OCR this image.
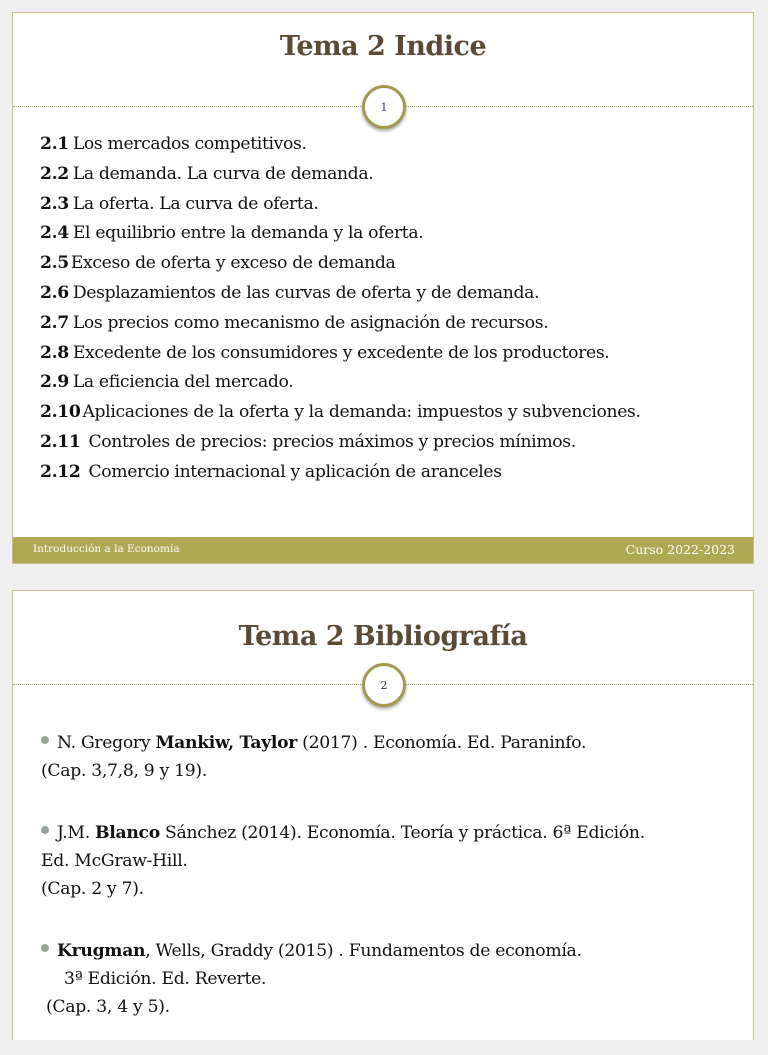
Tema 2 Indice
1
2.1 Los mercados competitivos.
2.2 La demanda. La curva de demanda.
2.3 La oferta. La curva de oferta.
2.4 El equilibrio entre la demanda y la oferta.
2.5 Exceso de oferta y exceso de demanda
2.6 Desplazamientos de las curvas de oferta y de demanda.
2.7 Los precios como mecanismo de asignación de recursos.
2.8 Excedente de los consumidores y excedente de los productores.
2.9 La eficiencia del mercado.
2.10 Aplicaciones de la oferta y la demanda: impuestos y subvenciones.
2.11 Controles de precios: precios máximos y precios mínimos.
2.12 Comercio internacional y aplicación de aranceles
Introducción a la Economía	Curso 2022-2023
Tema 2 Bibliografía
2
N. Gregory Mankiw, Taylor (2017) . Economía. Ed. Paraninfo.
(Cap. 3,7,8, 9 y 19).
J.M. Blanco Sánchez (2014). Economía. Teoría y práctica. 6ª Edición.
Ed. McGraw-Hill.
(Cap. 2 y 7).
Krugman, Wells, Graddy (2015) . Fundamentos de economía.
3ª Edición. Ed. Reverte.
(Cap. 3, 4 y 5).
